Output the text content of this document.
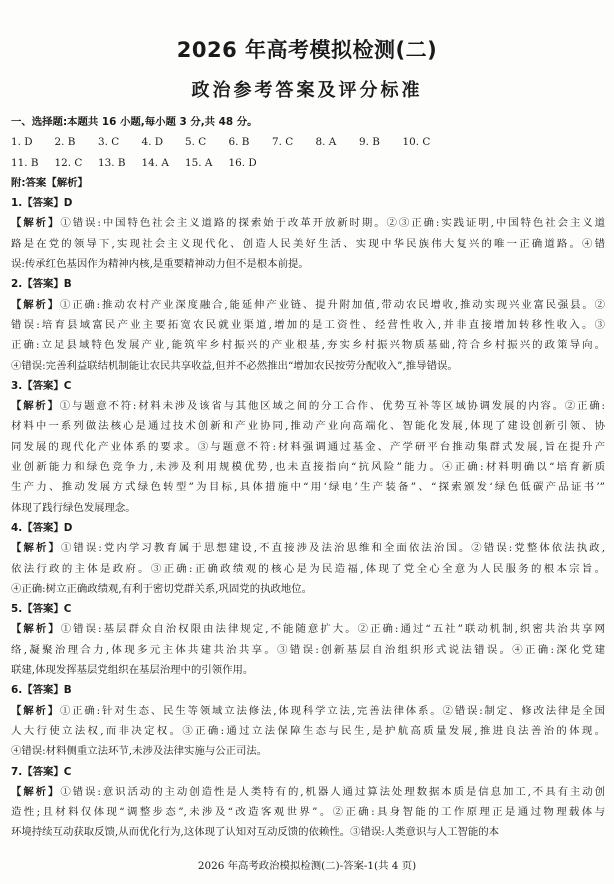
2026 年高考模拟检测(二)
政治参考答案及评分标准
一、选择题:本题共 16 小题,每小题 3 分,共 48 分。
1. D	2. B	3. C	4. D	5. C	6. B	7. C	8. A	9. B	10. C
11. B	12. C	13. B	14. A	15. A	16. D
附:答案【解析】
1.【答案】D
【解析】①错误:中国特色社会主义道路的探索始于改革开放新时期。②③正确:实践证明,中国特色社会主义道
路是在党的领导下,实现社会主义现代化、创造人民美好生活、实现中华民族伟大复兴的唯一正确道路。④错
误:传承红色基因作为精神内核,是重要精神动力但不是根本前提。
2.【答案】B
【解析】①正确:推动农村产业深度融合,能延伸产业链、提升附加值,带动农民增收,推动实现兴业富民强县。②
错误:培育县域富民产业主要拓宽农民就业渠道,增加的是工资性、经营性收入,并非直接增加转移性收入。③
正确:立足县域特色发展产业,能筑牢乡村振兴的产业根基,夯实乡村振兴物质基础,符合乡村振兴的政策导向。
④错误:完善利益联结机制能让农民共享收益,但并不必然推出“增加农民按劳分配收入”,推导错误。
3.【答案】C
【解析】①与题意不符:材料未涉及该省与其他区域之间的分工合作、优势互补等区域协调发展的内容。②正确:
材料中一系列做法核心是通过技术创新和产业协同,推动产业向高端化、智能化发展,体现了建设创新引领、协
同发展的现代化产业体系的要求。③与题意不符:材料强调通过基金、产学研平台推动集群式发展,旨在提升产
业创新能力和绿色竞争力,未涉及利用规模优势,也未直接指向“抗风险”能力。④正确:材料明确以“培育新质
生产力、推动发展方式绿色转型”为目标,具体措施中“用‘绿电’生产装备”、“探索颁发‘绿色低碳产品证书’”
体现了践行绿色发展理念。
4.【答案】D
【解析】①错误:党内学习教育属于思想建设,不直接涉及法治思维和全面依法治国。②错误:党整体依法执政,
依法行政的主体是政府。③正确:正确政绩观的核心是为民造福,体现了党全心全意为人民服务的根本宗旨。
④正确:树立正确政绩观,有利于密切党群关系,巩固党的执政地位。
5.【答案】C
【解析】①错误:基层群众自治权限由法律规定,不能随意扩大。②正确:通过“五社”联动机制,织密共治共享网
络,凝聚治理合力,体现多元主体共建共治共享。③错误:创新基层自治组织形式说法错误。④正确:深化党建
联建,体现发挥基层党组织在基层治理中的引领作用。
6.【答案】B
【解析】①正确:针对生态、民生等领域立法修法,体现科学立法,完善法律体系。②错误:制定、修改法律是全国
人大行使立法权,而非决定权。③正确:通过立法保障生态与民生,是护航高质量发展,推进良法善治的体现。
④错误:材料侧重立法环节,未涉及法律实施与公正司法。
7.【答案】C
【解析】①错误:意识活动的主动创造性是人类特有的,机器人通过算法处理数据本质是信息加工,不具有主动创
造性;且材料仅体现“调整步态”,未涉及“改造客观世界”。②正确:具身智能的工作原理正是通过物理载体与
环境持续互动获取反馈,从而优化行为,这体现了认知对互动反馈的依赖性。③错误:人类意识与人工智能的本
2026 年高考政治模拟检测(二)-答案-1(共 4 页)
